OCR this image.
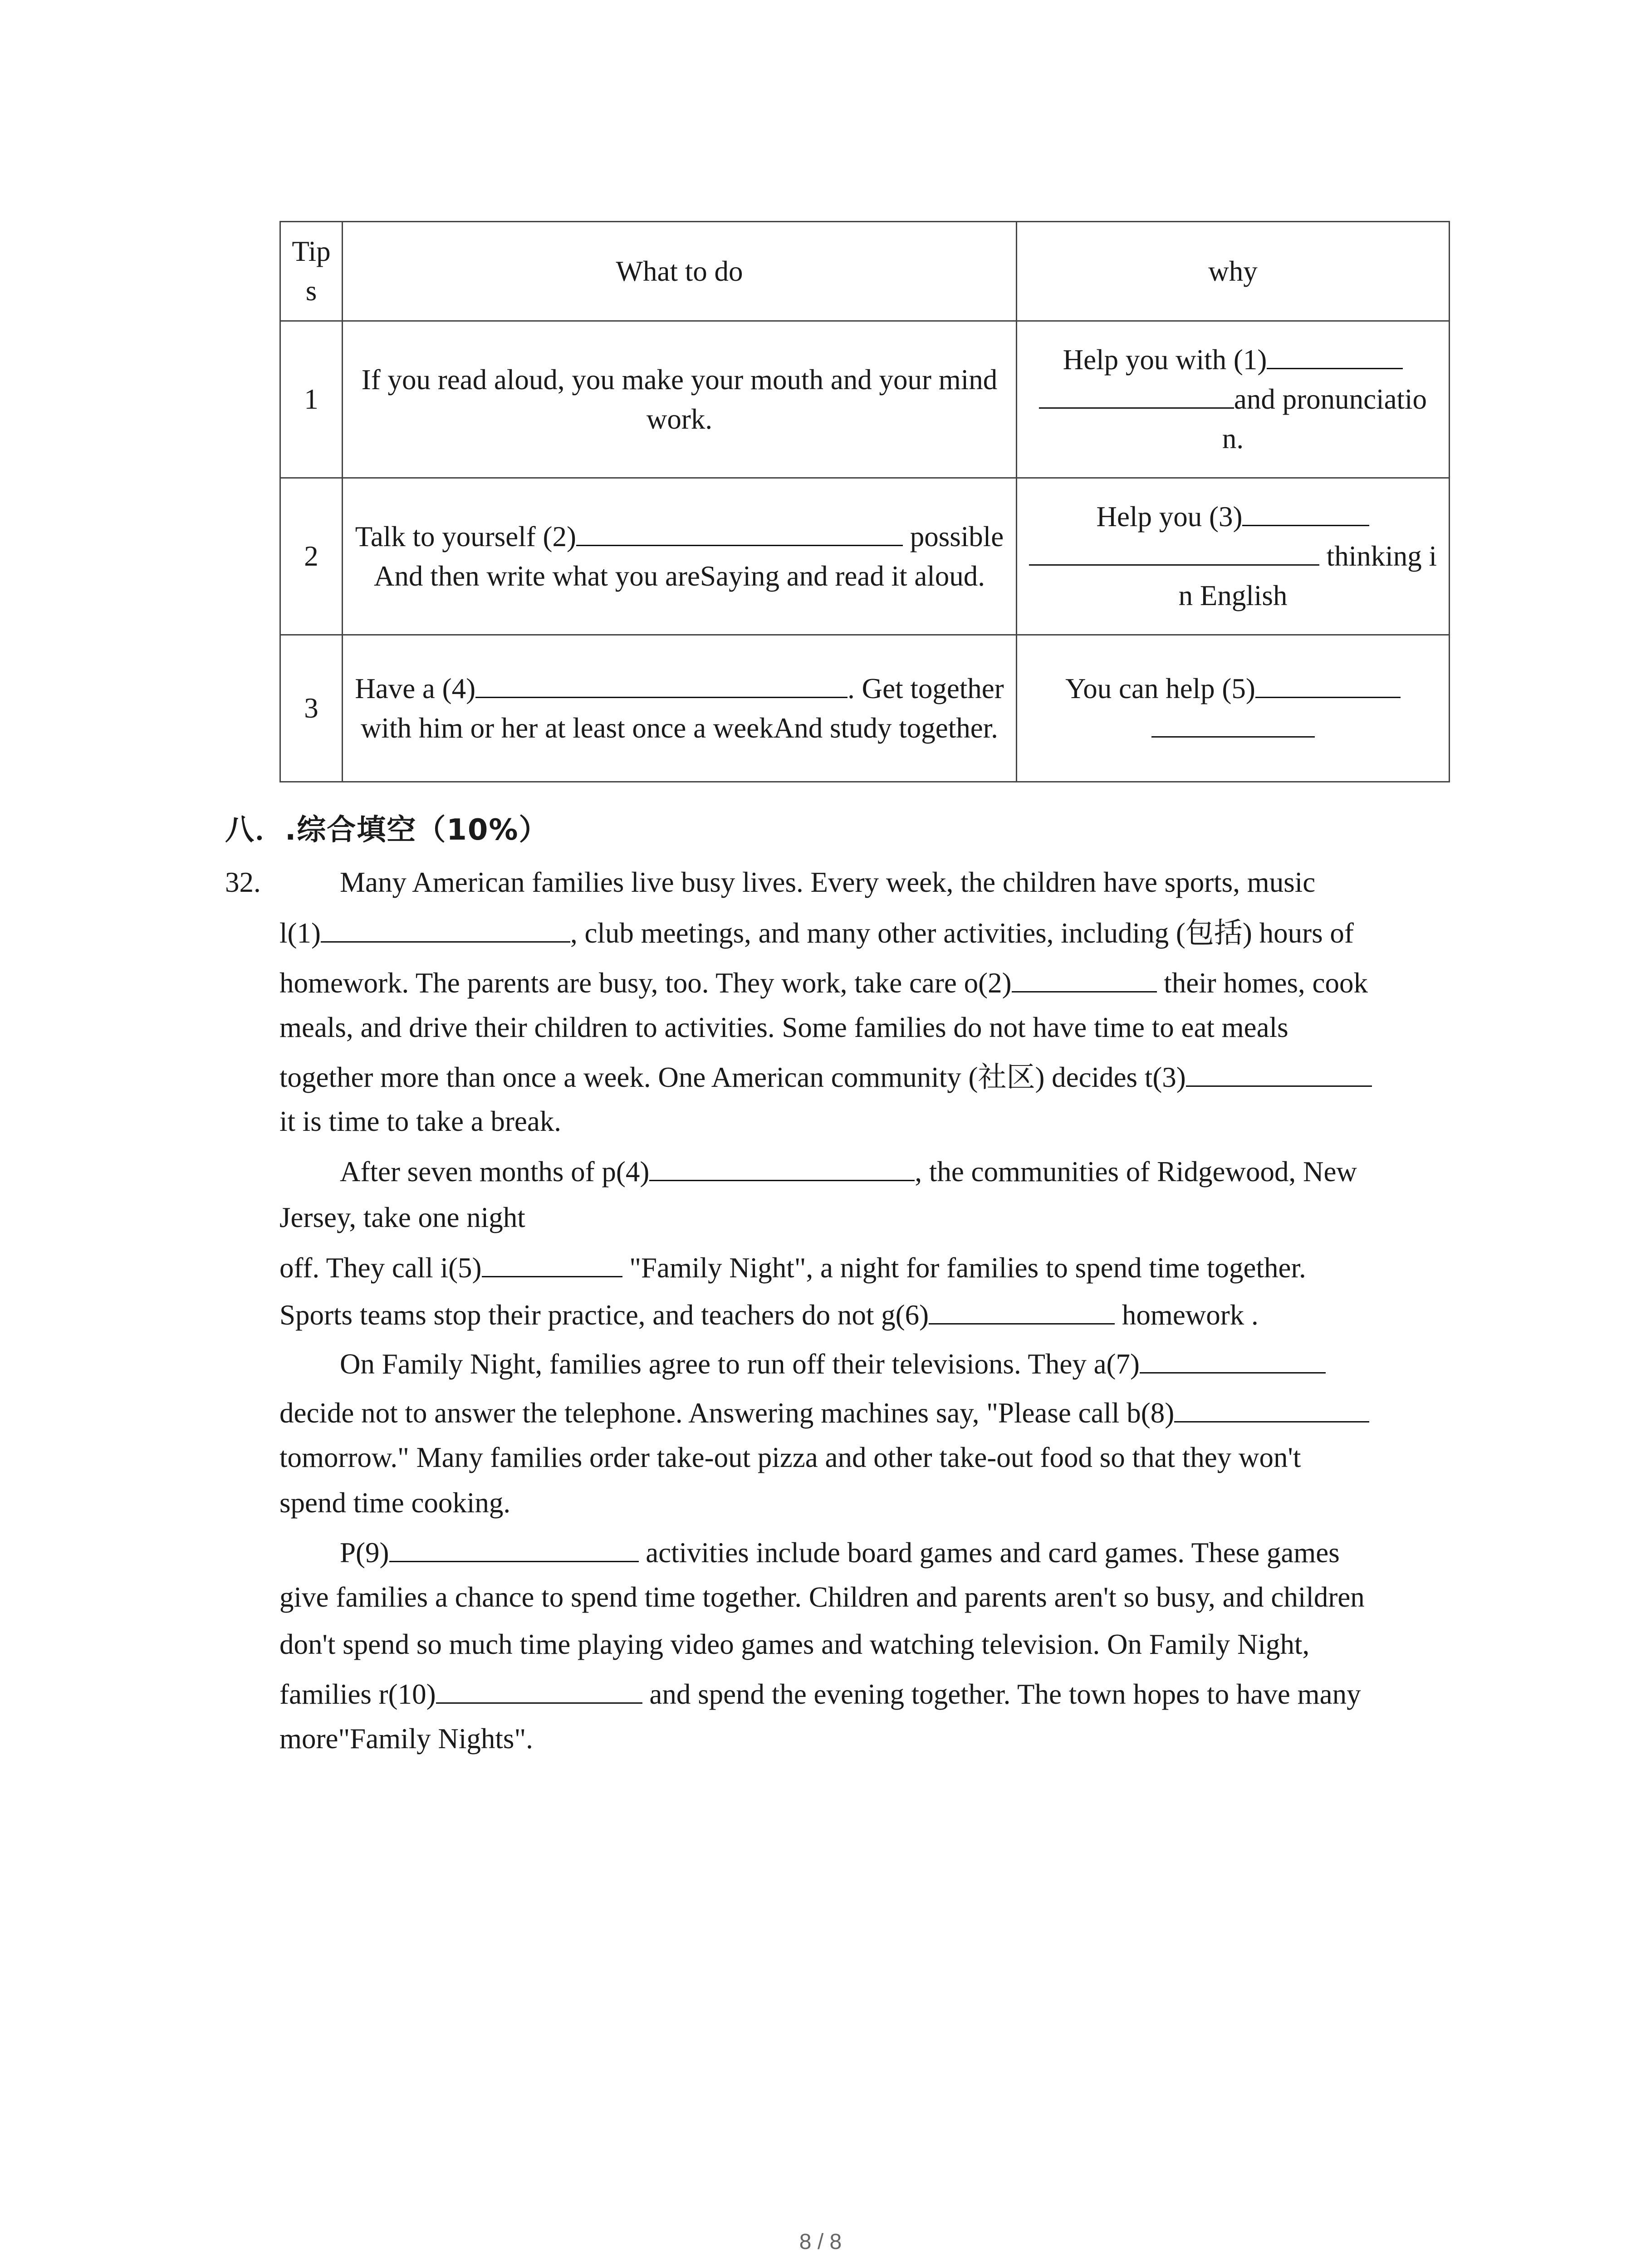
Tips	What to do	why
1	If you read aloud, you make your mouth and your mind work.	Help you with (1)
and pronunciation.
2	Talk to yourself (2) possibleAnd then write what you areSaying and read it aloud.	Help you (3)
thinking in English
3	Have a (4) . Get together with him or her at least once a weekAnd study together.	You can help (5)

八．.综合填空（10%）
32.	Many American families live busy lives. Every week, the children have sports, music
l(1)	, club meetings, and many other activities, including (包括) hours of
homework. The parents are busy, too. They work, take care o(2)	their homes, cook
meals, and drive their children to activities. Some families do not have time to eat meals
together more than once a week. One American community (社区) decides t(3)
it is time to take a break.
After seven months of p(4)	, the communities of Ridgewood, New
Jersey, take one night
off. They call i(5)	"Family Night", a night for families to spend time together.
Sports teams stop their practice, and teachers do not g(6)	homework .
On Family Night, families agree to run off their televisions. They a(7)
decide not to answer the telephone. Answering machines say, "Please call b(8)
tomorrow." Many families order take-out pizza and other take-out food so that they won't
spend time cooking.
P(9)	activities include board games and card games. These games
give families a chance to spend time together. Children and parents aren't so busy, and children
don't spend so much time playing video games and watching television. On Family Night,
families r(10)	and spend the evening together. The town hopes to have many
more"Family Nights".
8 / 8
